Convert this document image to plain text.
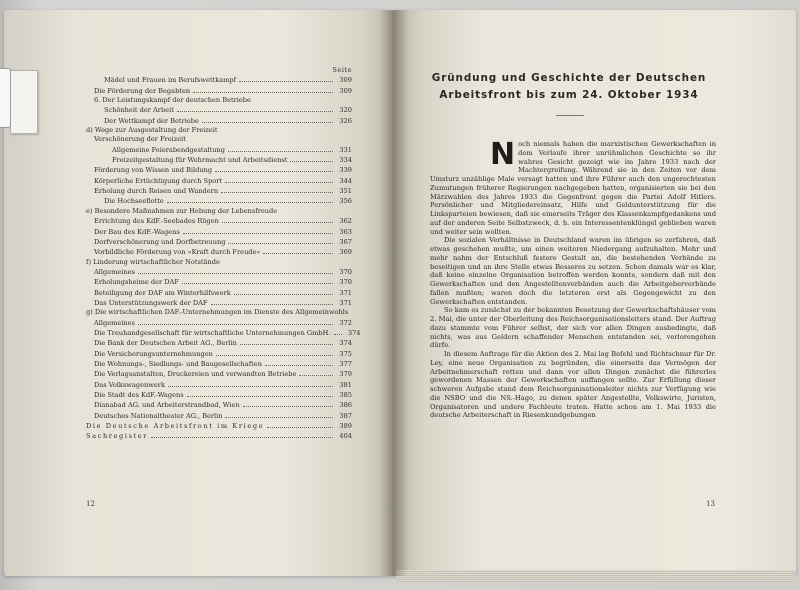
Seite
Mädel und Frauen im Berufswettkampf	309
Die Förderung der Begabten	309
6. Der Leistungskampf der deutschen Betriebe
Schönheit der Arbeit	320
Der Wettkampf der Betriebe	326
d) Wege zur Ausgestaltung der Freizeit
Verschönerung der Freizeit
Allgemeine Feierabendgestaltung	331
Freizeitgestaltung für Wehrmacht und Arbeitsdienst	334
Förderung von Wissen und Bildung	339
Körperliche Ertüchtigung durch Sport	344
Erholung durch Reisen und Wandern	351
Die Hochseeflotte	356
e) Besondere Maßnahmen zur Hebung der Lebensfreude
Errichtung des KdF.-Seebades Rügen	362
Der Bau des KdF.-Wagens	363
Dorfverschönerung und Dorfbetreuung	367
Vorbildliche Förderung von »Kraft durch Freude«	369
f) Linderung wirtschaftlicher Notstände
Allgemeines	370
Erholungsheime der DAF	370
Beteiligung der DAF am Winterhilfswerk	371
Das Unterstützungswerk der DAF	371
g) Die wirtschaftlichen DAF.-Unternehmungen im Dienste des Allgemeinwohls
Allgemeines	372
Die Treuhandgesellschaft für wirtschaftliche Unternehmungen GmbH.	374
Die Bank der Deutschen Arbeit AG., Berlin	374
Die Versicherungsunternehmungen	375
Die Wohnungs-, Siedlungs- und Baugesellschaften	377
Die Verlagsanstalten, Druckereien und verwandten Betriebe	379
Das Volkswagenwerk	381
Die Stadt des KdF.-Wagens	385
Dianabad AG. und Arbeiterstrandbad, Wien	386
Deutsches Nationaltheater AG., Berlin	387
Die Deutsche Arbeitsfront im Kriege	389
Sachregister	404
12
Gründung und Geschichte der Deutschen
Arbeitsfront bis zum 24. Oktober 1934

Noch niemals haben die marxistischen Gewerkschaften in dem Verlaufe ihrer unrühmlichen Geschichte so ihr wahres Gesicht gezeigt wie im Jahre 1933 nach der Machtergreifung. Während sie in den Zeiten vor dem Umsturz unzählige Male versagt hatten und ihre Führer auch den ungerechtesten Zumutungen früherer Regierungen nachgegeben hatten, organisierten sie bei den Märzwahlen des Jahres 1933 die Gegenfront gegen die Partei Adolf Hitlers. Persönlicher und Mitgliedereinsatz, Hilfe und Geldunterstützung für die Linksparteien bewiesen, daß sie einerseits Träger des Klassenkampfgedankens und auf der anderen Seite Selbstzweck, d. h. ein Interessentenklüngel geblieben waren und weiter sein wollten.

Die sozialen Verhältnisse in Deutschland waren im übrigen so zerfahren, daß etwas geschehen mußte, um einen weiteren Niedergang aufzuhalten. Mehr und mehr nahm der Entschluß festere Gestalt an, die bestehenden Verbände zu beseitigen und an ihre Stelle etwas Besseres zu setzen. Schon damals war es klar, daß keine einzelne Organisation betroffen werden konnte, sondern daß mit den Gewerkschaften und den Angestelltenverbänden auch die Arbeitgeberverbände fallen mußten; waren doch die letzteren erst als Gegengewicht zu den Gewerkschaften entstanden.

So kam es zunächst zu der bekannten Besetzung der Gewerkschaftshäuser vom 2. Mai, die unter der Oberleitung des Reichsorganisationsleiters stand. Der Auftrag dazu stammte vom Führer selbst, der sich vor allen Dingen ausbedingte, daß nichts, was aus Geldern schaffender Menschen entstanden sei, verlorengehen dürfe.

In diesem Auftrage für die Aktion des 2. Mai lag Befehl und Richtschnur für Dr. Ley, eine neue Organisation zu begründen, die einerseits das Vermögen der Arbeitnehmerschaft retten und dann vor allen Dingen zunächst die führerlos gewordenen Massen der Gewerkschaften auffangen sollte. Zur Erfüllung dieser schweren Aufgabe stand dem Reichsorganisationsleiter nichts zur Verfügung wie die NSBO und die NS.-Hago, zu denen später Angestellte, Volkswirte, Juristen, Organisatoren und andere Fachleute traten. Hatte schon am 1. Mai 1933 die deutsche Arbeiterschaft in Riesenkundgebungen

13
